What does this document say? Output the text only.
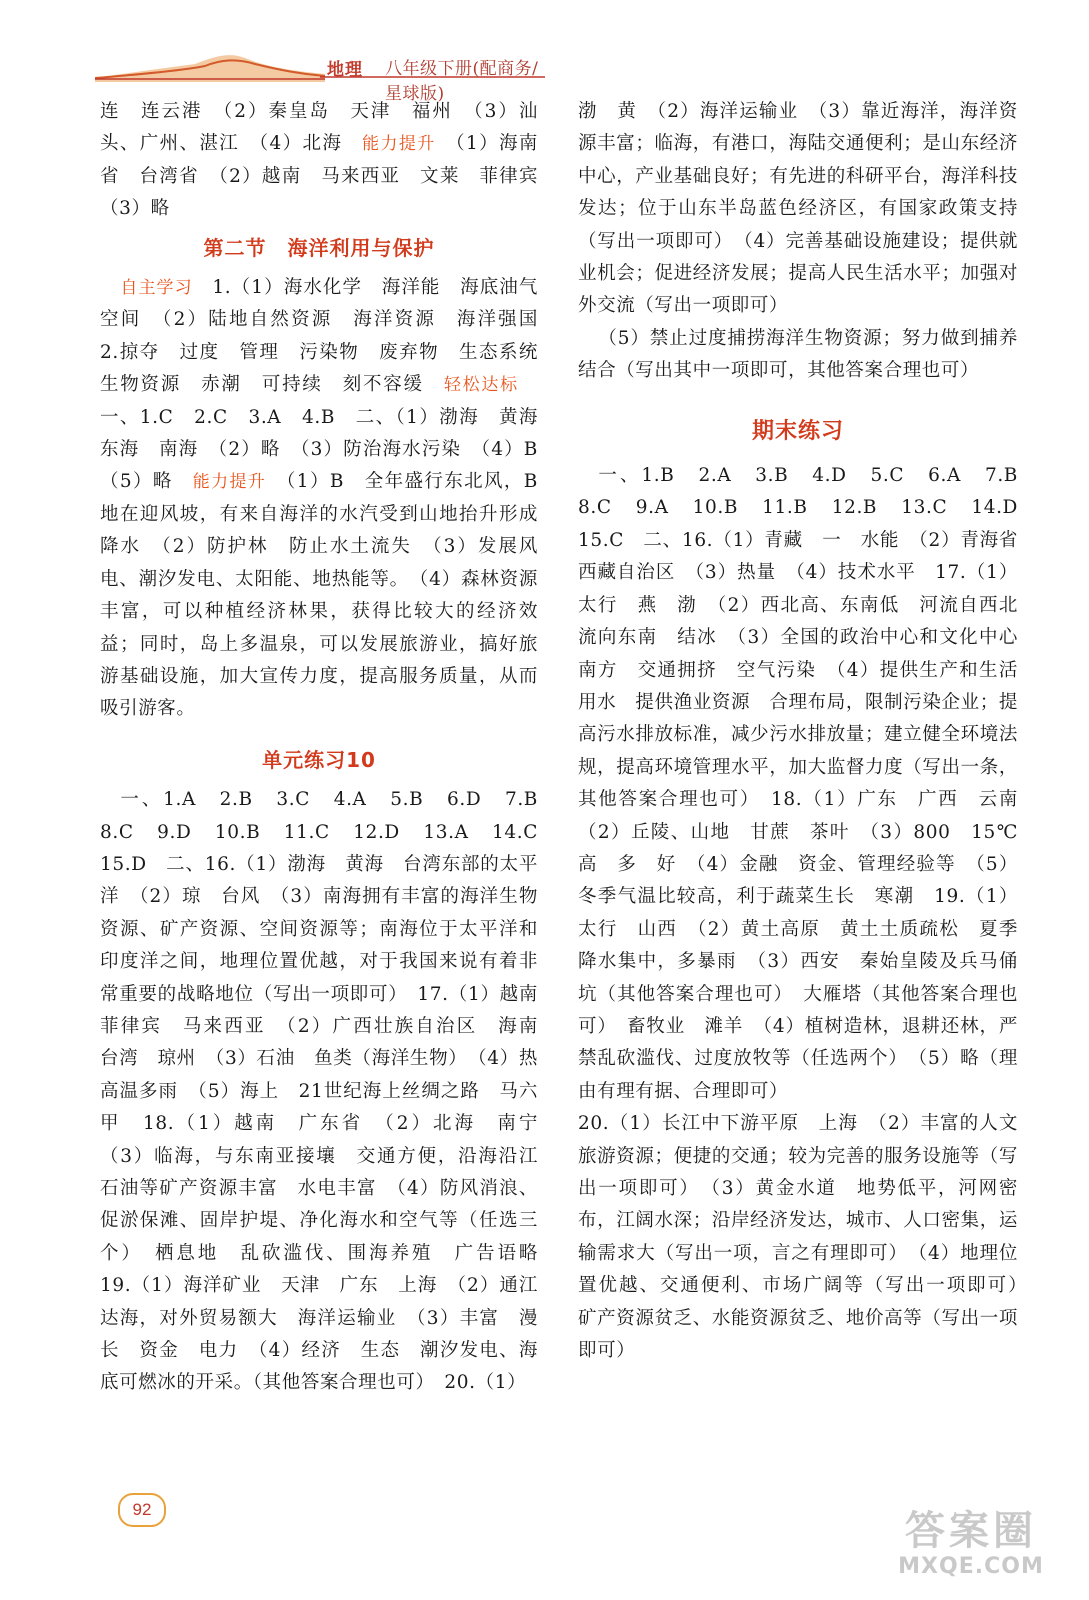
地理 八年级下册(配商务/星球版)

连　连云港　（2）秦皇岛　天津　福州　（3）汕头、广州、湛江　（4）北海　能力提升　（1）海南省　台湾省　（2）越南　马来西亚　文莱　菲律宾　（3）略

第二节　海洋利用与保护

自主学习　1.（1）海水化学　海洋能　海底油气　空间　（2）陆地自然资源　海洋资源　海洋强国　2.掠夺　过度　管理　污染物　废弃物　生态系统　生物资源　赤潮　可持续　刻不容缓　轻松达标　一、1.C　2.C　3.A　4.B　二、（1）渤海　黄海　东海　南海　（2）略　（3）防治海水污染　（4）B　（5）略　能力提升　（1）B　全年盛行东北风，B地在迎风坡，有来自海洋的水汽受到山地抬升形成降水　（2）防护林　防止水土流失　（3）发展风电、潮汐发电、太阳能、地热能等。　（4）森林资源丰富，可以种植经济林果，获得比较大的经济效益；同时，岛上多温泉，可以发展旅游业，搞好旅游基础设施，加大宣传力度，提高服务质量，从而吸引游客。

单元练习10

一、1.A　2.B　3.C　4.A　5.B　6.D　7.B　8.C　9.D　10.B　11.C　12.D　13.A　14.C　15.D　二、16.（1）渤海　黄海　台湾东部的太平洋　（2）琼　台风　（3）南海拥有丰富的海洋生物资源、矿产资源、空间资源等；南海位于太平洋和印度洋之间，地理位置优越，对于我国来说有着非常重要的战略地位（写出一项即可）　17.（1）越南　菲律宾　马来西亚　（2）广西壮族自治区　海南　台湾　琼州　（3）石油　鱼类（海洋生物）　（4）热　高温多雨　（5）海上　21世纪海上丝绸之路　马六甲　18.（1）越南　广东省　（2）北海　南宁　（3）临海，与东南亚接壤　交通方便，沿海沿江　石油等矿产资源丰富　水电丰富　（4）防风消浪、促淤保滩、固岸护堤、净化海水和空气等（任选三个）　栖息地　乱砍滥伐、围海养殖　广告语略　19.（1）海洋矿业　天津　广东　上海　（2）通江达海，对外贸易额大　海洋运输业　（3）丰富　漫长　资金　电力　（4）经济　生态　潮汐发电、海底可燃冰的开采。（其他答案合理也可）　20.（1）

渤　黄　（2）海洋运输业　（3）靠近海洋，海洋资源丰富；临海，有港口，海陆交通便利；是山东经济中心，产业基础良好；有先进的科研平台，海洋科技发达；位于山东半岛蓝色经济区，有国家政策支持（写出一项即可）　（4）完善基础设施建设；提供就业机会；促进经济发展；提高人民生活水平；加强对外交流（写出一项即可）

（5）禁止过度捕捞海洋生物资源；努力做到捕养结合（写出其中一项即可，其他答案合理也可）

期末练习

一、1.B　2.A　3.B　4.D　5.C　6.A　7.B　8.C　9.A　10.B　11.B　12.B　13.C　14.D　15.C　二、16.（1）青藏　一　水能　（2）青海省　西藏自治区　（3）热量　（4）技术水平　17.（1）太行　燕　渤　（2）西北高、东南低　河流自西北流向东南　结冰　（3）全国的政治中心和文化中心　南方　交通拥挤　空气污染　（4）提供生产和生活用水　提供渔业资源　合理布局，限制污染企业；提高污水排放标准，减少污水排放量；建立健全环境法规，提高环境管理水平，加大监督力度（写出一条，其他答案合理也可）　18.（1）广东　广西　云南　（2）丘陵、山地　甘蔗　茶叶　（3）800　15℃　高　多　好　（4）金融　资金、管理经验等　（5）冬季气温比较高，利于蔬菜生长　寒潮　19.（1）太行　山西　（2）黄土高原　黄土土质疏松　夏季降水集中，多暴雨　（3）西安　秦始皇陵及兵马俑坑（其他答案合理也可）　大雁塔（其他答案合理也可）　畜牧业　滩羊　（4）植树造林，退耕还林，严禁乱砍滥伐、过度放牧等（任选两个）　（5）略（理由有理有据、合理即可）

20.（1）长江中下游平原　上海　（2）丰富的人文旅游资源；便捷的交通；较为完善的服务设施等（写出一项即可）　（3）黄金水道　地势低平，河网密布，江阔水深；沿岸经济发达，城市、人口密集，运输需求大（写出一项，言之有理即可）　（4）地理位置优越、交通便利、市场广阔等（写出一项即可）　矿产资源贫乏、水能资源贫乏、地价高等（写出一项即可）

92	答案圈
MXQE.COM
